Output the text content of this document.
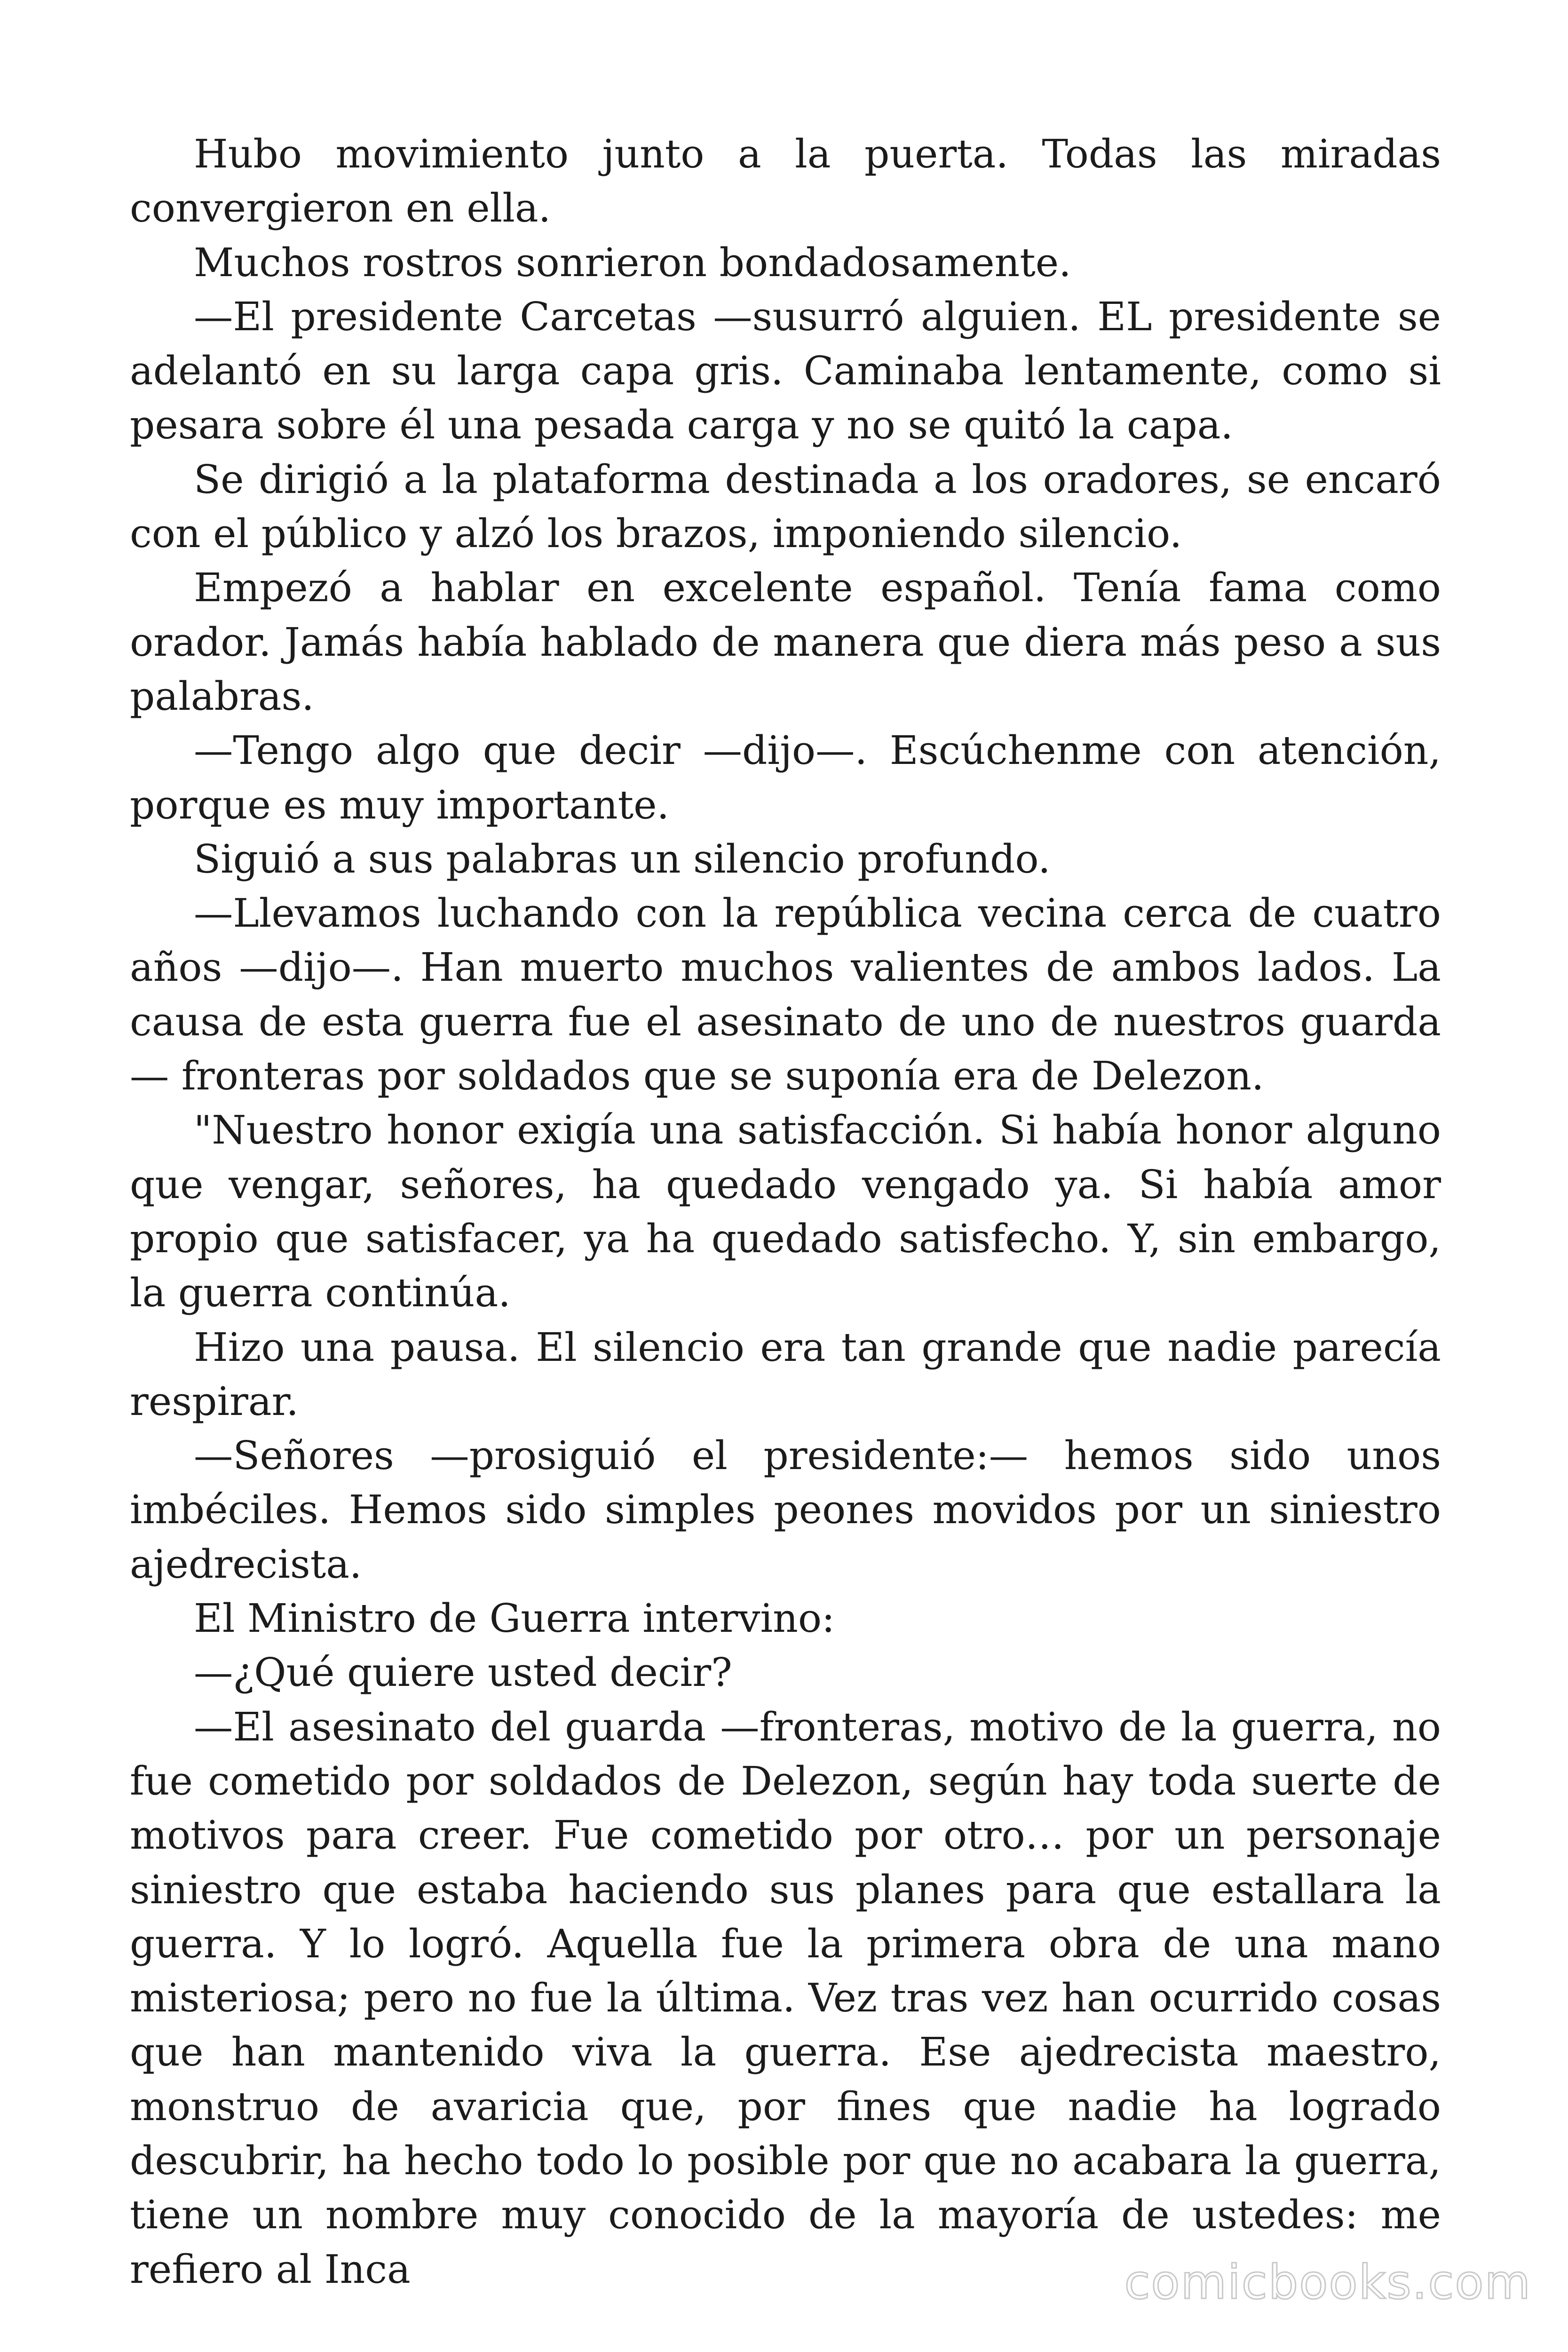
Hubo movimiento junto a la puerta. Todas las miradas convergieron en ella.

Muchos rostros sonrieron bondadosamente.

—El presidente Carcetas —susurró alguien. EL presidente se adelantó en su larga capa gris. Caminaba lentamente, como si pesara sobre él una pesada carga y no se quitó la capa.

Se dirigió a la plataforma destinada a los oradores, se encaró con el público y alzó los brazos, imponiendo silencio.

Empezó a hablar en excelente español. Tenía fama como orador. Jamás había hablado de manera que diera más peso a sus palabras.

—Tengo algo que decir —dijo—. Escúchenme con atención, porque es muy importante.

Siguió a sus palabras un silencio profundo.

—Llevamos luchando con la república vecina cerca de cuatro años —dijo—. Han muerto muchos valientes de ambos lados. La causa de esta guerra fue el asesinato de uno de nuestros guarda — fronteras por soldados que se suponía era de Delezon.

"Nuestro honor exigía una satisfacción. Si había honor alguno que vengar, señores, ha quedado vengado ya. Si había amor propio que satisfacer, ya ha quedado satisfecho. Y, sin embargo, la guerra continúa.

Hizo una pausa. El silencio era tan grande que nadie parecía respirar.

—Señores —prosiguió el presidente:— hemos sido unos imbéciles. Hemos sido simples peones movidos por un siniestro ajedrecista.

El Ministro de Guerra intervino:

—¿Qué quiere usted decir?

—El asesinato del guarda —fronteras, motivo de la guerra, no fue cometido por soldados de Delezon, según hay toda suerte de motivos para creer. Fue cometido por otro… por un personaje siniestro que estaba haciendo sus planes para que estallara la guerra. Y lo logró. Aquella fue la primera obra de una mano misteriosa; pero no fue la última. Vez tras vez han ocurrido cosas que han mantenido viva la guerra. Ese ajedrecista maestro, monstruo de avaricia que, por fines que nadie ha logrado descubrir, ha hecho todo lo posible por que no acabara la guerra, tiene un nombre muy conocido de la mayoría de ustedes: me refiero al Inca	comicbooks.com
